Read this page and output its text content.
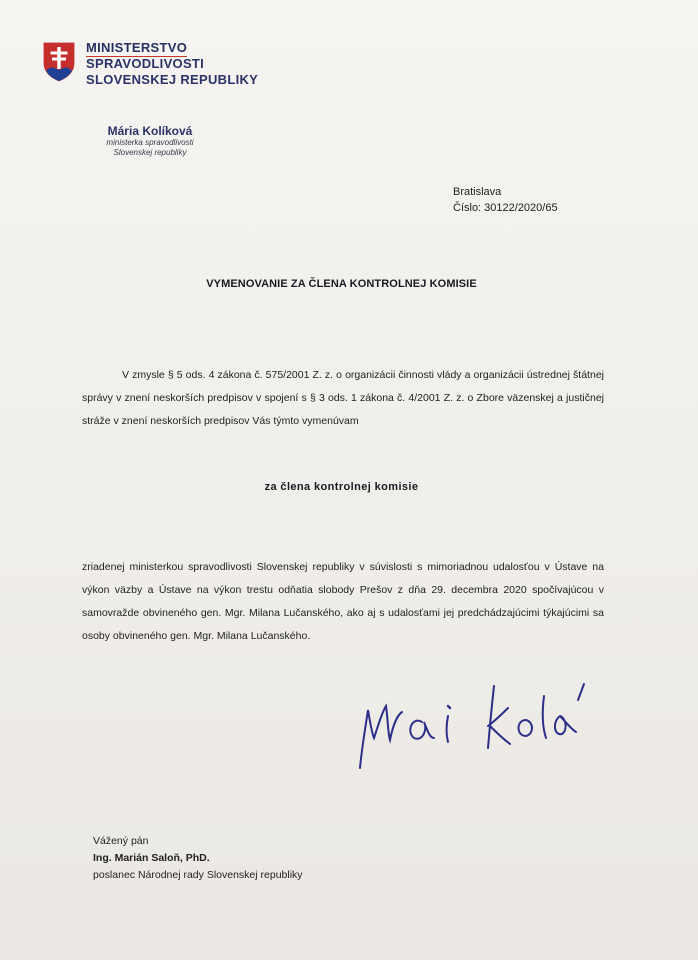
MINISTERSTVO
SPRAVODLIVOSTI
SLOVENSKEJ REPUBLIKY
Mária Kolíková
ministerka spravodlivosti
Slovenskej republiky
Bratislava
Číslo: 30122/2020/65
VYMENOVANIE ZA ČLENA KONTROLNEJ KOMISIE
V zmysle § 5 ods. 4 zákona č. 575/2001 Z. z. o organizácii činnosti vlády a organizácii ústrednej štátnej správy v znení neskorších predpisov v spojení s § 3 ods. 1 zákona č. 4/2001 Z. z. o Zbore väzenskej a justičnej stráže v znení neskorších predpisov Vás týmto vymenúvam
za člena kontrolnej komisie
zriadenej ministerkou spravodlivosti Slovenskej republiky v súvislosti s mimoriadnou udalosťou v Ústave na výkon väzby a Ústave na výkon trestu odňatia slobody Prešov z dňa 29. decembra 2020 spočívajúcou v samovražde obvineného gen. Mgr. Milana Lučanského, ako aj s udalosťami jej predchádzajúcimi týkajúcimi sa osoby obvineného gen. Mgr. Milana Lučanského.
Vážený pán
Ing. Marián Saloň, PhD.
poslanec Národnej rady Slovenskej republiky
